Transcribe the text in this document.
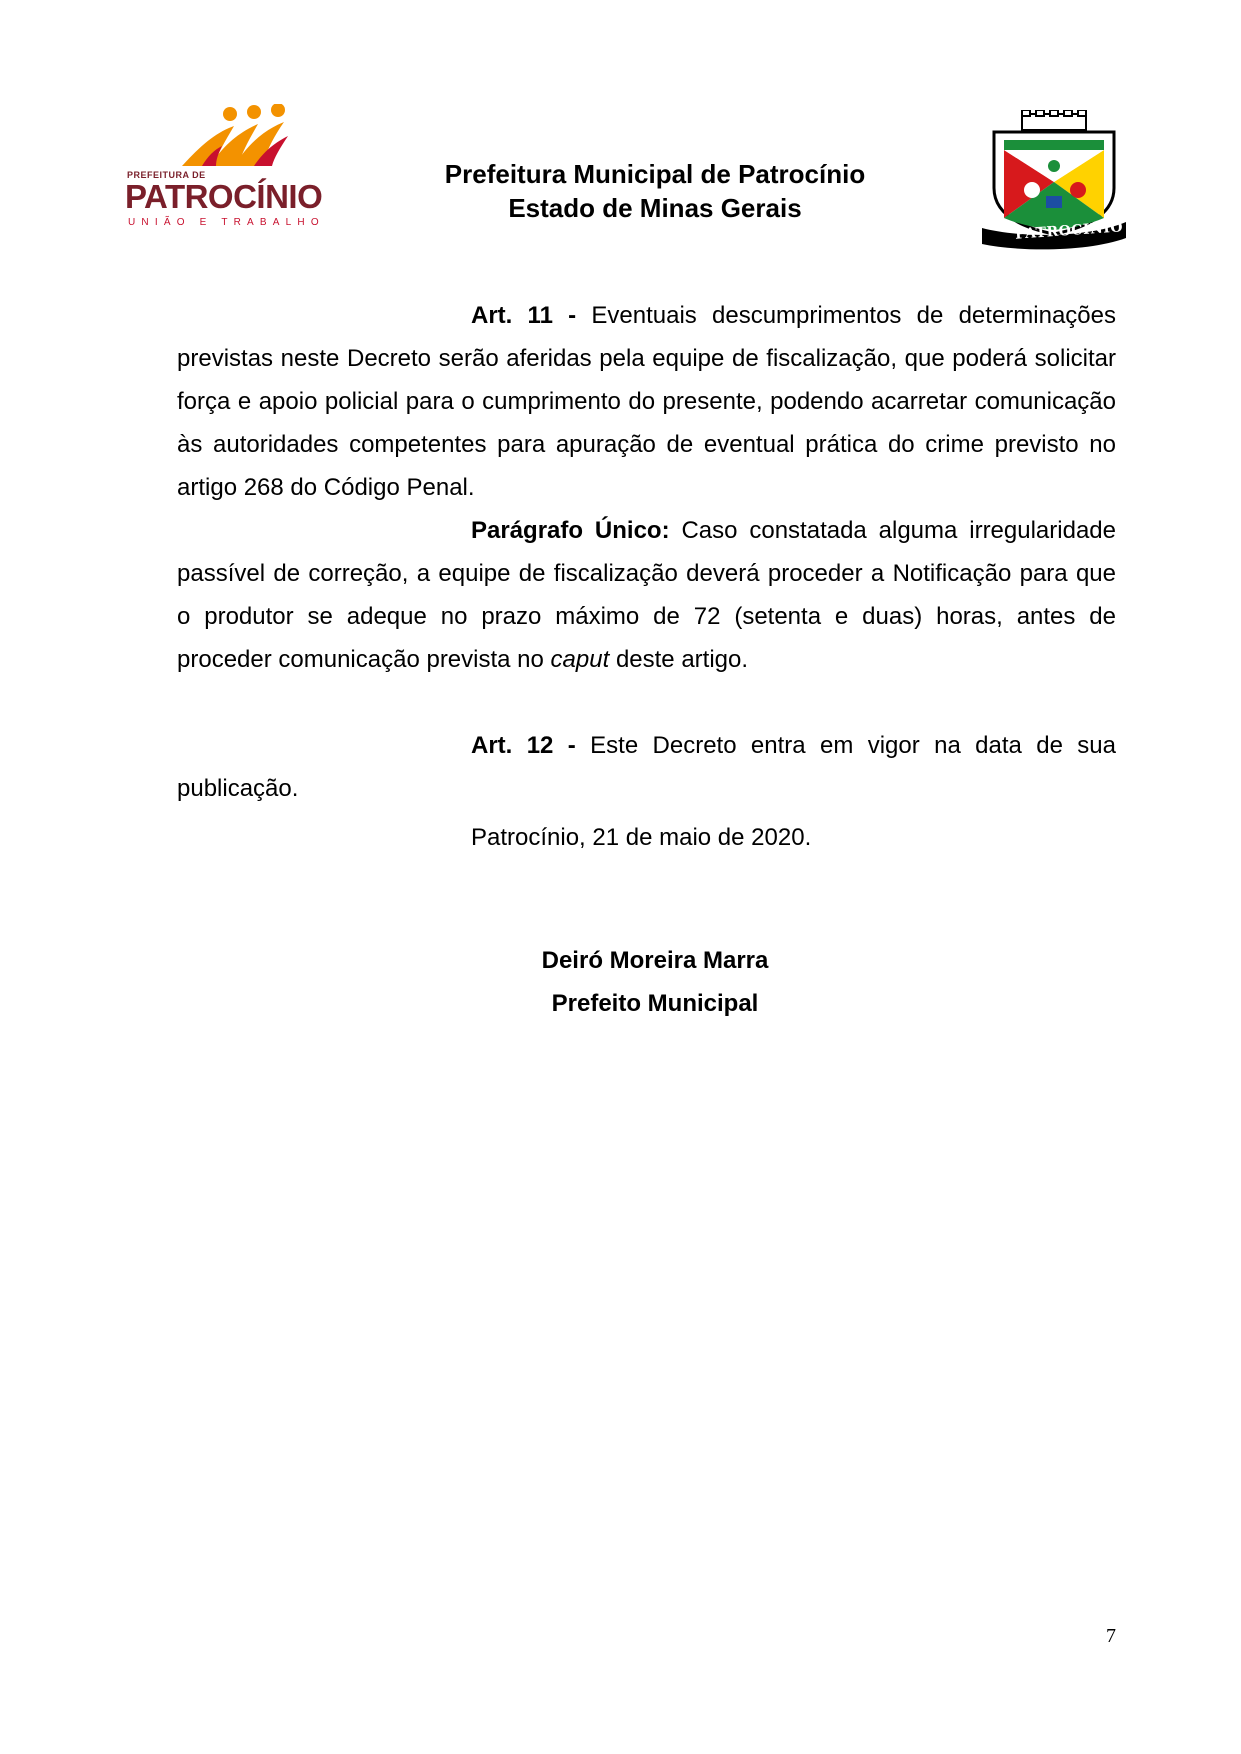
PREFEITURA DE
PATROCÍNIO
UNIÃO E TRABALHO
Prefeitura Municipal de Patrocínio
Estado de Minas Gerais
PATROCINIO

Art. 11 - Eventuais descumprimentos de determinações previstas neste Decreto serão aferidas pela equipe de fiscalização, que poderá solicitar força e apoio policial para o cumprimento do presente, podendo acarretar comunicação às autoridades competentes para apuração de eventual prática do crime previsto no artigo 268 do Código Penal.

Parágrafo Único: Caso constatada alguma irregularidade passível de correção, a equipe de fiscalização deverá proceder a Notificação para que o produtor se adeque no prazo máximo de 72 (setenta e duas) horas, antes de proceder comunicação prevista no caput deste artigo.

Art. 12 - Este Decreto entra em vigor na data de sua publicação.

Patrocínio, 21 de maio de 2020.
Deiró Moreira Marra
Prefeito Municipal
7
